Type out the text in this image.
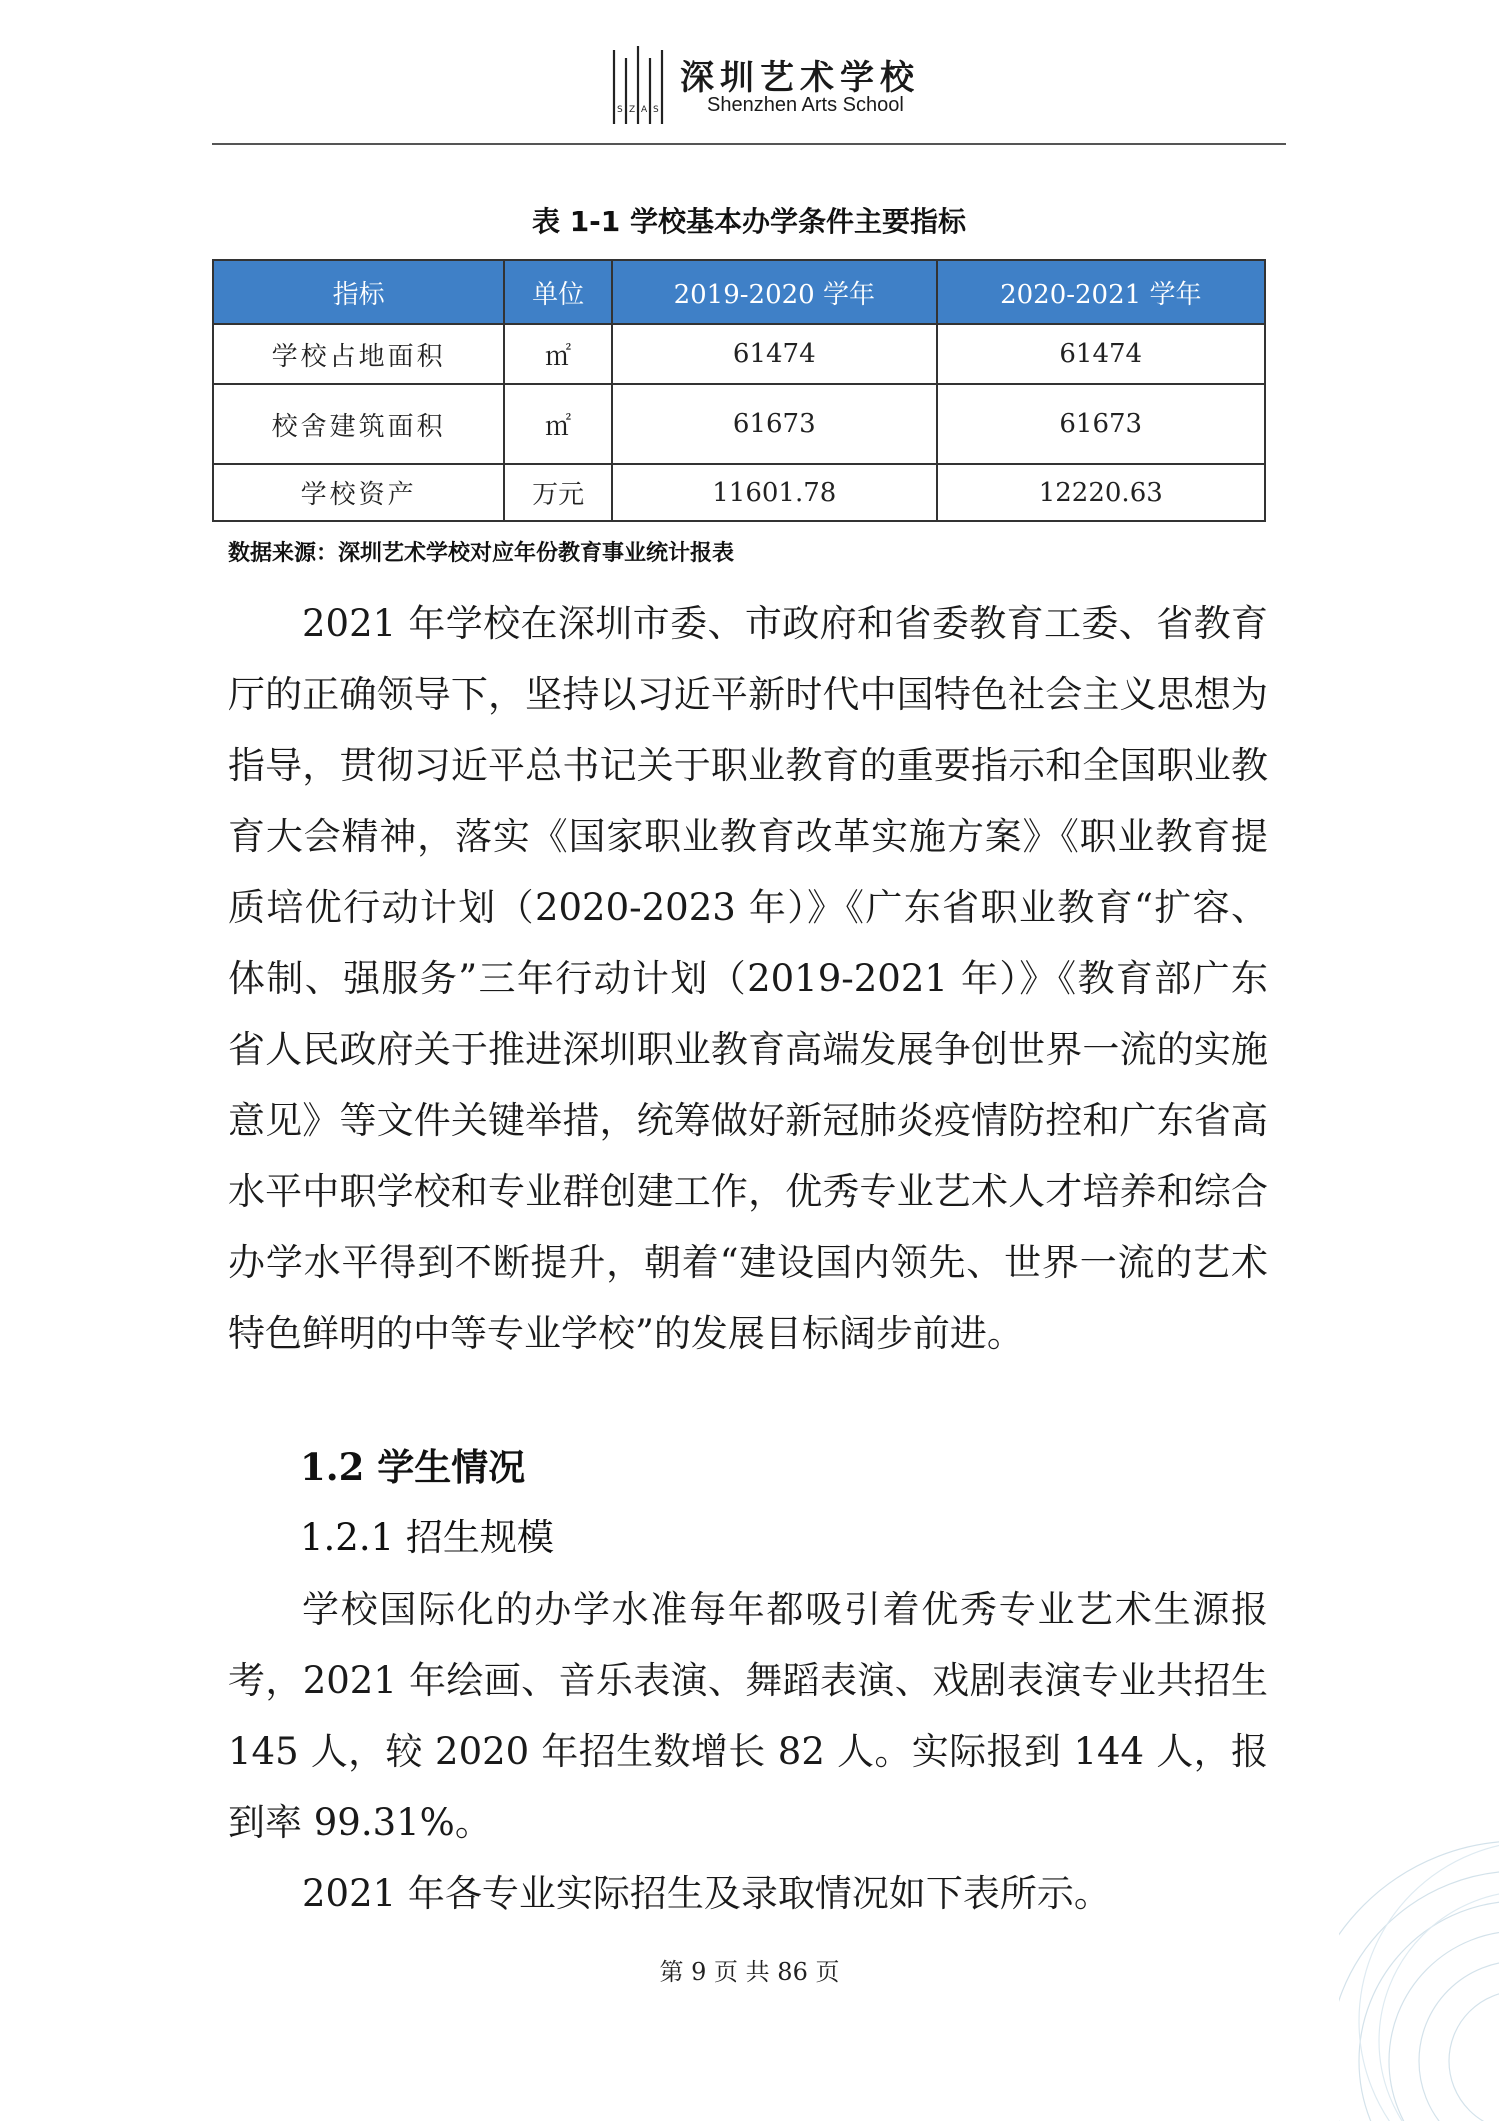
S Z A S
深圳艺术学校
Shenzhen Arts School
表 1-1 学校基本办学条件主要指标
指标	单位	2019-2020 学年	2020-2021 学年
学校占地面积	㎡	61474	61474
校舍建筑面积	㎡	61673	61673
学校资产	万元	11601.78	12220.63
数据来源：深圳艺术学校对应年份教育事业统计报表

2021 年学校在深圳市委、市政府和省委教育工委、省教育厅的正确领导下，坚持以习近平新时代中国特色社会主义思想为指导，贯彻习近平总书记关于职业教育的重要指示和全国职业教育大会精神，落实《国家职业教育改革实施方案》《职业教育提质培优行动计划（2020-2023 年）》《广东省职业教育“扩容、体制、强服务”三年行动计划（2019-2021 年）》《教育部广东省人民政府关于推进深圳职业教育高端发展争创世界一流的实施意见》等文件关键举措，统筹做好新冠肺炎疫情防控和广东省高水平中职学校和专业群创建工作，优秀专业艺术人才培养和综合办学水平得到不断提升，朝着“建设国内领先、世界一流的艺术特色鲜明的中等专业学校”的发展目标阔步前进。

1.2 学生情况
1.2.1 招生规模

学校国际化的办学水准每年都吸引着优秀专业艺术生源报考，2021 年绘画、音乐表演、舞蹈表演、戏剧表演专业共招生 145 人，较 2020 年招生数增长 82 人。实际报到 144 人，报到率 99.31%。

2021 年各专业实际招生及录取情况如下表所示。

第 9 页 共 86 页
